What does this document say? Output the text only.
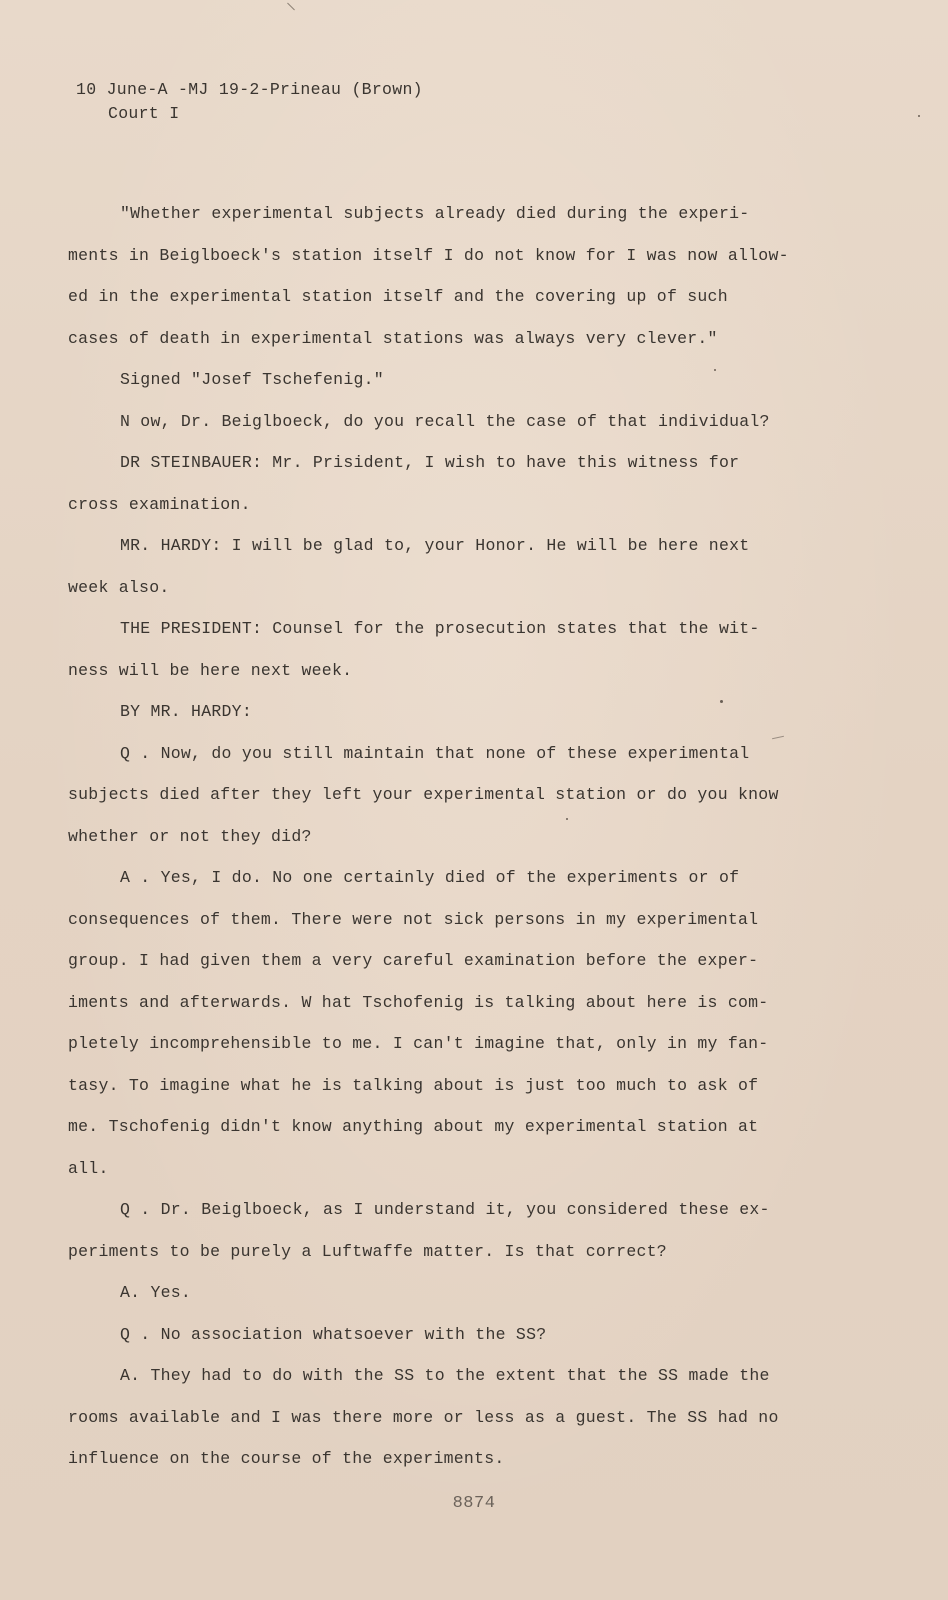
10 June-A -MJ 19-2-Prineau (Brown)
Court I
"Whether experimental subjects already died during the experi-
ments in Beiglboeck's station itself I do not know for I was now allow-
ed in the experimental station itself and the covering up of such
cases of death in experimental stations was always very clever."
Signed "Josef Tschefenig."
N ow, Dr. Beiglboeck, do you recall the case of that individual?
DR STEINBAUER: Mr. Prisident, I wish to have this witness for
cross examination.
MR. HARDY: I will be glad to, your Honor. He will be here next
week also.
THE PRESIDENT: Counsel for the prosecution states that the wit-
ness will be here next week.
BY MR. HARDY:
Q . Now, do you still maintain that none of these experimental
subjects died after they left your experimental station or do you know
whether or not they did?
A . Yes, I do. No one certainly died of the experiments or of
consequences of them. There were not sick persons in my experimental
group. I had given them a very careful examination before the exper-
iments and afterwards. W hat Tschofenig is talking about here is com-
pletely incomprehensible to me. I can't imagine that, only in my fan-
tasy. To imagine what he is talking about is just too much to ask of
me. Tschofenig didn't know anything about my experimental station at
all.
Q . Dr. Beiglboeck, as I understand it, you considered these ex-
periments to be purely a Luftwaffe matter. Is that correct?
A. Yes.
Q . No association whatsoever with the SS?
A. They had to do with the SS to the extent that the SS made the
rooms available and I was there more or less as a guest. The SS had no
influence on the course of the experiments.
8874
